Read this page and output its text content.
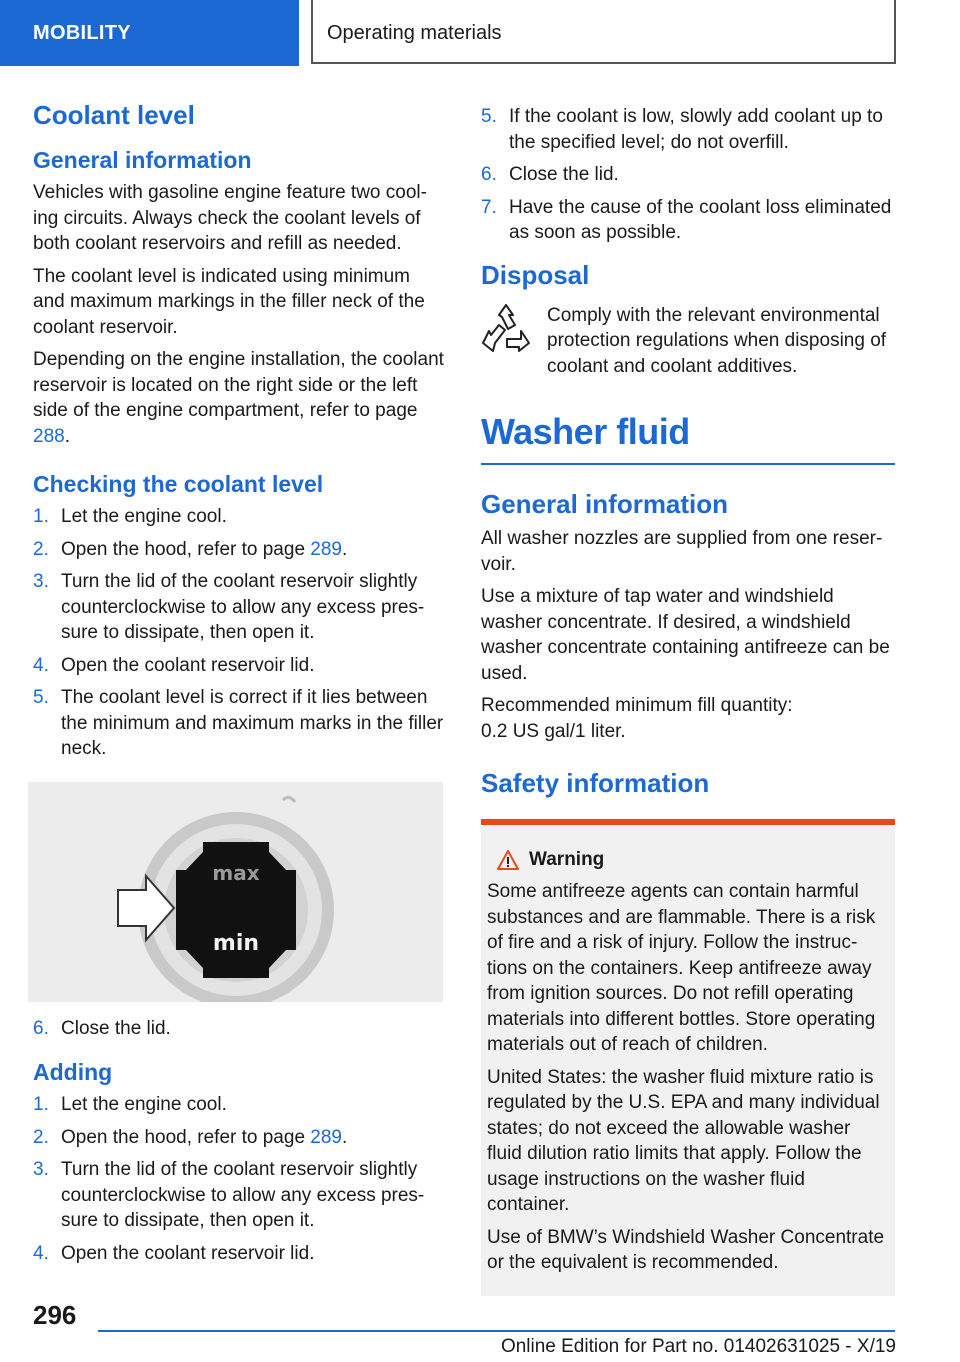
MOBILITY	Operating materials
Coolant level
General information

Vehicles with gasoline engine feature two cool‐ing circuits. Always check the coolant levels of both coolant reservoirs and refill as needed.

The coolant level is indicated using minimum and maximum markings in the filler neck of the coolant reservoir.

Depending on the engine installation, the coolant reservoir is located on the right side or the left side of the engine compartment, refer to page 288.

Checking the coolant level
1. Let the engine cool.
2. Open the hood, refer to page 289.
3. Turn the lid of the coolant reservoir slightly counterclockwise to allow any excess pres‐sure to dissipate, then open it.
4. Open the coolant reservoir lid.
5. The coolant level is correct if it lies between the minimum and maximum marks in the filler neck.
max
min
6. Close the lid.
Adding
1. Let the engine cool.
2. Open the hood, refer to page 289.
3. Turn the lid of the coolant reservoir slightly counterclockwise to allow any excess pres‐sure to dissipate, then open it.
4. Open the coolant reservoir lid.
5. If the coolant is low, slowly add coolant up to the specified level; do not overfill.
6. Close the lid.
7. Have the cause of the coolant loss eliminated as soon as possible.
Disposal

Comply with the relevant environmental protection regulations when disposing of coolant and coolant additives.

Washer fluid
General information

All washer nozzles are supplied from one reser‐voir.

Use a mixture of tap water and windshield washer concentrate. If desired, a windshield washer concentrate containing antifreeze can be used.

Recommended minimum fill quantity:

0.2 US gal/1 liter.

Safety information
Warning

Some antifreeze agents can contain harmful substances and are flammable. There is a risk of fire and a risk of injury. Follow the instruc‐tions on the containers. Keep antifreeze away from ignition sources. Do not refill operating materials into different bottles. Store operating materials out of reach of children.

United States: the washer fluid mixture ratio is regulated by the U.S. EPA and many individual states; do not exceed the allowable washer fluid dilution ratio limits that apply. Follow the usage instructions on the washer fluid container.

Use of BMW’s Windshield Washer Concentrate or the equivalent is recommended.

296
Online Edition for Part no. 01402631025 - X/19
